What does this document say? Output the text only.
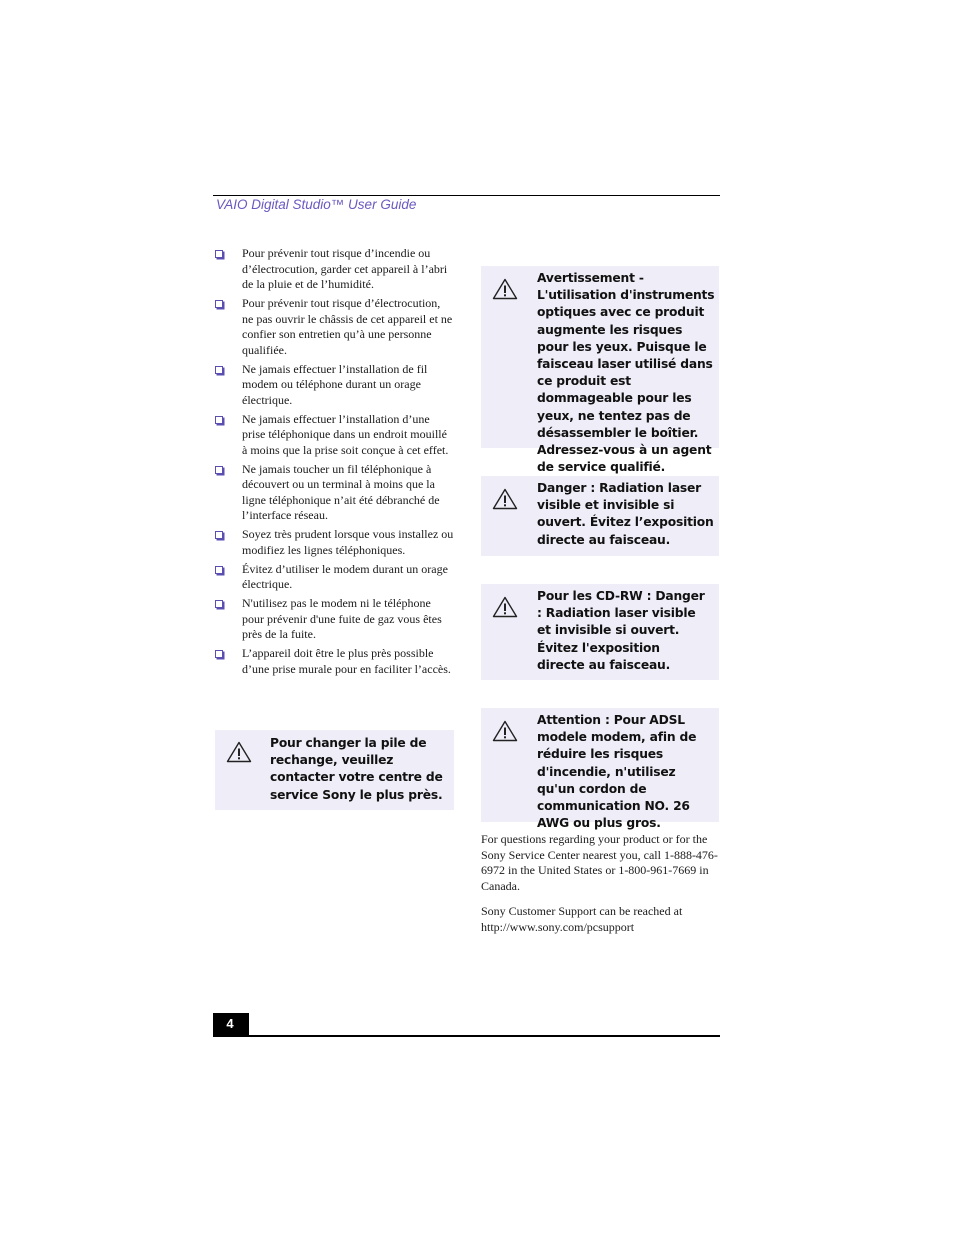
VAIO Digital Studio™ User Guide
Pour prévenir tout risque d’incendie ou d’électrocution, garder cet appareil à l’abri de la pluie et de l’humidité.
Pour prévenir tout risque d’électrocution, ne pas ouvrir le châssis de cet appareil et ne confier son entretien qu’à une personne qualifiée.
Ne jamais effectuer l’installation de fil modem ou téléphone durant un orage électrique.
Ne jamais effectuer l’installation d’une prise téléphonique dans un endroit mouillé à moins que la prise soit conçue à cet effet.
Ne jamais toucher un fil téléphonique à découvert ou un terminal à moins que la ligne téléphonique n’ait été débranché de l’interface réseau.
Soyez très prudent lorsque vous installez ou modifiez les lignes téléphoniques.
Évitez d’utiliser le modem durant un orage électrique.
N'utilisez pas le modem ni le téléphone pour prévenir d'une fuite de gaz vous êtes près de la fuite.
L’appareil doit être le plus près possible d’une prise murale pour en faciliter l’accès.
Pour changer la pile de rechange, veuillez contacter votre centre de service Sony le plus près.
Avertissement - L'utilisation d'instruments optiques avec ce produit augmente les risques pour les yeux. Puisque le faisceau laser utilisé dans ce produit est dommageable pour les yeux, ne tentez pas de désassembler le boîtier. Adressez-vous à un agent de service qualifié.
Danger : Radiation laser visible et invisible si ouvert. Évitez l’exposition directe au faisceau.
Pour les CD-RW : Danger : Radiation laser visible et invisible si ouvert. Évitez l'exposition directe au faisceau.
Attention : Pour ADSL modele modem, afin de réduire les risques d'incendie, n'utilisez qu'un cordon de communication NO. 26 AWG ou plus gros.
For questions regarding your product or for the Sony Service Center nearest you, call 1-888-476-6972 in the United States or 1-800-961-7669 in Canada.
Sony Customer Support can be reached at http://www.sony.com/pcsupport
4
